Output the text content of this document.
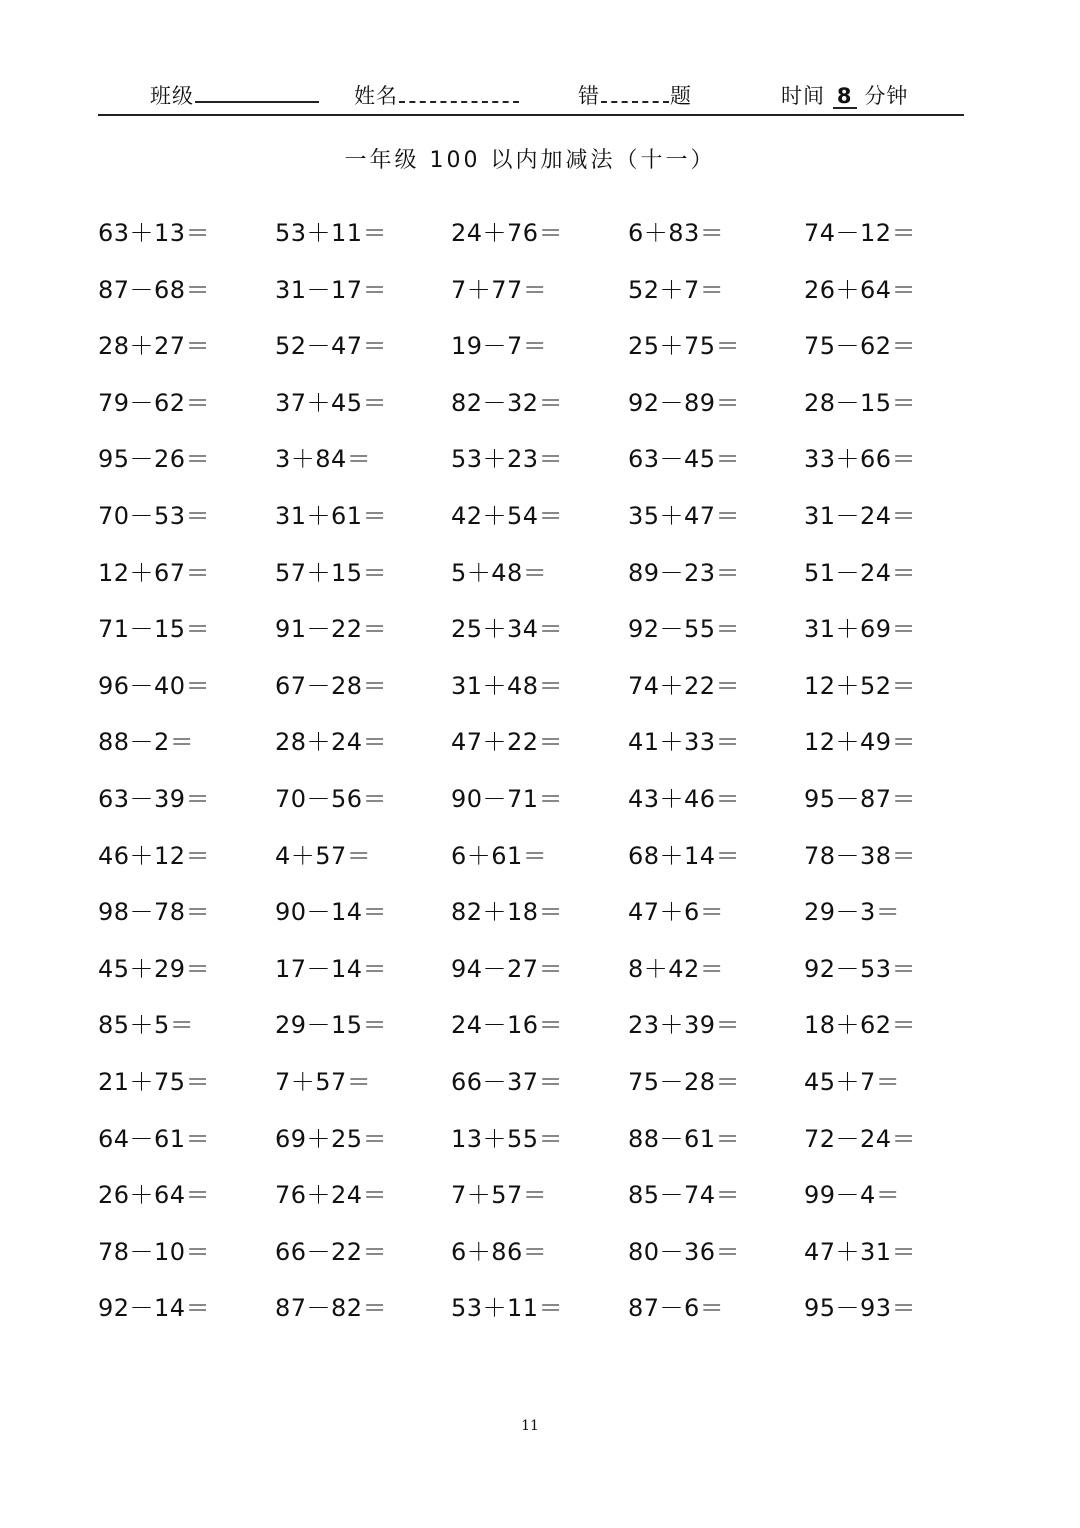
班级	姓名	错	题	时间 8 分钟
一年级 100 以内加减法（十一）
63＋13＝	53＋11＝	24＋76＝	6＋83＝	74－12＝
87－68＝	31－17＝	7＋77＝	52＋7＝	26＋64＝
28＋27＝	52－47＝	19－7＝	25＋75＝	75－62＝
79－62＝	37＋45＝	82－32＝	92－89＝	28－15＝
95－26＝	3＋84＝	53＋23＝	63－45＝	33＋66＝
70－53＝	31＋61＝	42＋54＝	35＋47＝	31－24＝
12＋67＝	57＋15＝	5＋48＝	89－23＝	51－24＝
71－15＝	91－22＝	25＋34＝	92－55＝	31＋69＝
96－40＝	67－28＝	31＋48＝	74＋22＝	12＋52＝
88－2＝	28＋24＝	47＋22＝	41＋33＝	12＋49＝
63－39＝	70－56＝	90－71＝	43＋46＝	95－87＝
46＋12＝	4＋57＝	6＋61＝	68＋14＝	78－38＝
98－78＝	90－14＝	82＋18＝	47＋6＝	29－3＝
45＋29＝	17－14＝	94－27＝	8＋42＝	92－53＝
85＋5＝	29－15＝	24－16＝	23＋39＝	18＋62＝
21＋75＝	7＋57＝	66－37＝	75－28＝	45＋7＝
64－61＝	69＋25＝	13＋55＝	88－61＝	72－24＝
26＋64＝	76＋24＝	7＋57＝	85－74＝	99－4＝
78－10＝	66－22＝	6＋86＝	80－36＝	47＋31＝
92－14＝	87－82＝	53＋11＝	87－6＝	95－93＝
11
